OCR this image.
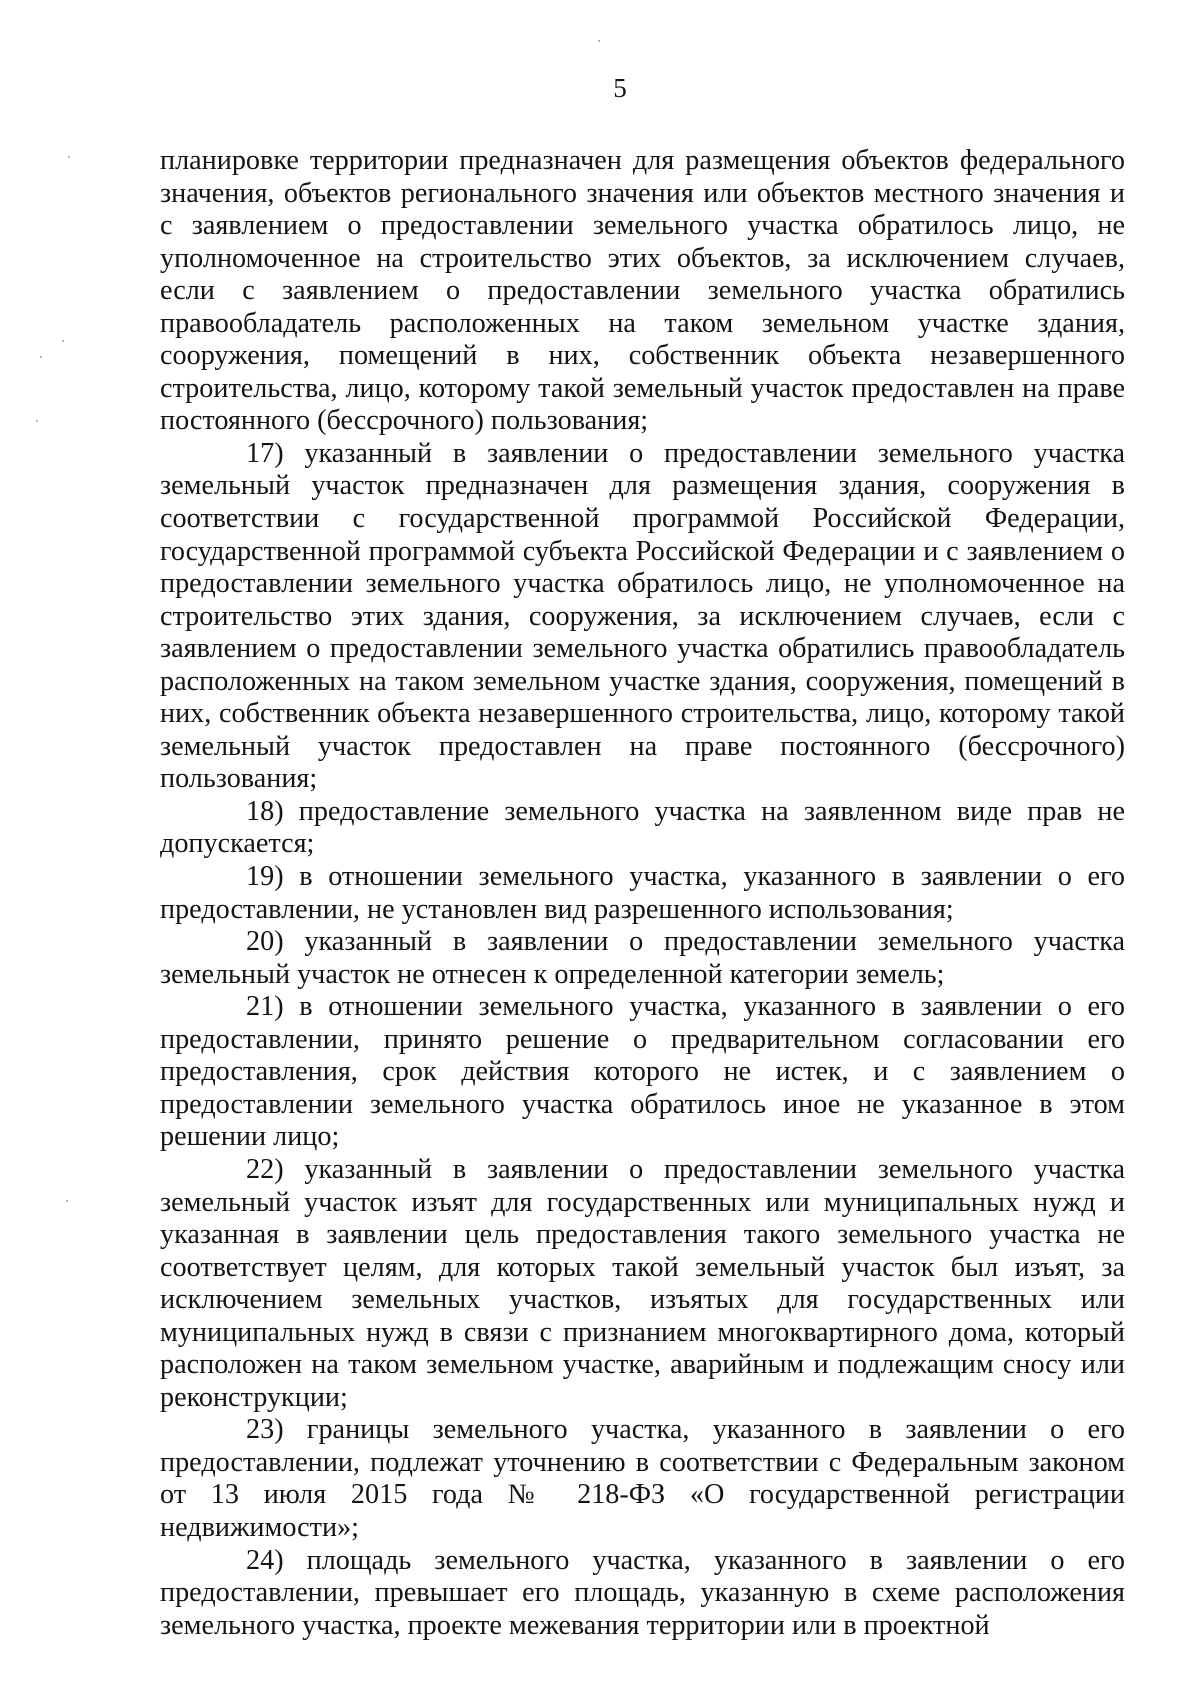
5

планировке территории предназначен для размещения объектов федерального значения, объектов регионального значения или объектов местного значения и с заявлением о предоставлении земельного участка обратилось лицо, не уполномоченное на строительство этих объектов, за исключением случаев, если с заявлением о предоставлении земельного участка обратились правообладатель расположенных на таком земельном участке здания, сооружения, помещений в них, собственник объекта незавершенного строительства, лицо, которому такой земельный участок предоставлен на праве постоянного (бессрочного) пользования;

17) указанный в заявлении о предоставлении земельного участка земельный участок предназначен для размещения здания, сооружения в соответствии с государственной программой Российской Федерации, государственной программой субъекта Российской Федерации и с заявлением о предоставлении земельного участка обратилось лицо, не уполномоченное на строительство этих здания, сооружения, за исключением случаев, если с заявлением о предоставлении земельного участка обратились правообладатель расположенных на таком земельном участке здания, сооружения, помещений в них, собственник объекта незавершенного строительства, лицо, которому такой земельный участок предоставлен на праве постоянного (бессрочного) пользования;

18) предоставление земельного участка на заявленном виде прав не допускается;

19) в отношении земельного участка, указанного в заявлении о его предоставлении, не установлен вид разрешенного использования;

20) указанный в заявлении о предоставлении земельного участка земельный участок не отнесен к определенной категории земель;

21) в отношении земельного участка, указанного в заявлении о его предоставлении, принято решение о предварительном согласовании его предоставления, срок действия которого не истек, и с заявлением о предоставлении земельного участка обратилось иное не указанное в этом решении лицо;

22) указанный в заявлении о предоставлении земельного участка земельный участок изъят для государственных или муниципальных нужд и указанная в заявлении цель предоставления такого земельного участка не соответствует целям, для которых такой земельный участок был изъят, за исключением земельных участков, изъятых для государственных или муниципальных нужд в связи с признанием многоквартирного дома, который расположен на таком земельном участке, аварийным и подлежащим сносу или реконструкции;

23) границы земельного участка, указанного в заявлении о его предоставлении, подлежат уточнению в соответствии с Федеральным законом от 13 июля 2015 года № 218-ФЗ «О государственной регистрации недвижимости»;

24) площадь земельного участка, указанного в заявлении о его предоставлении, превышает его площадь, указанную в схеме расположения земельного участка, проекте межевания территории или в проектной
